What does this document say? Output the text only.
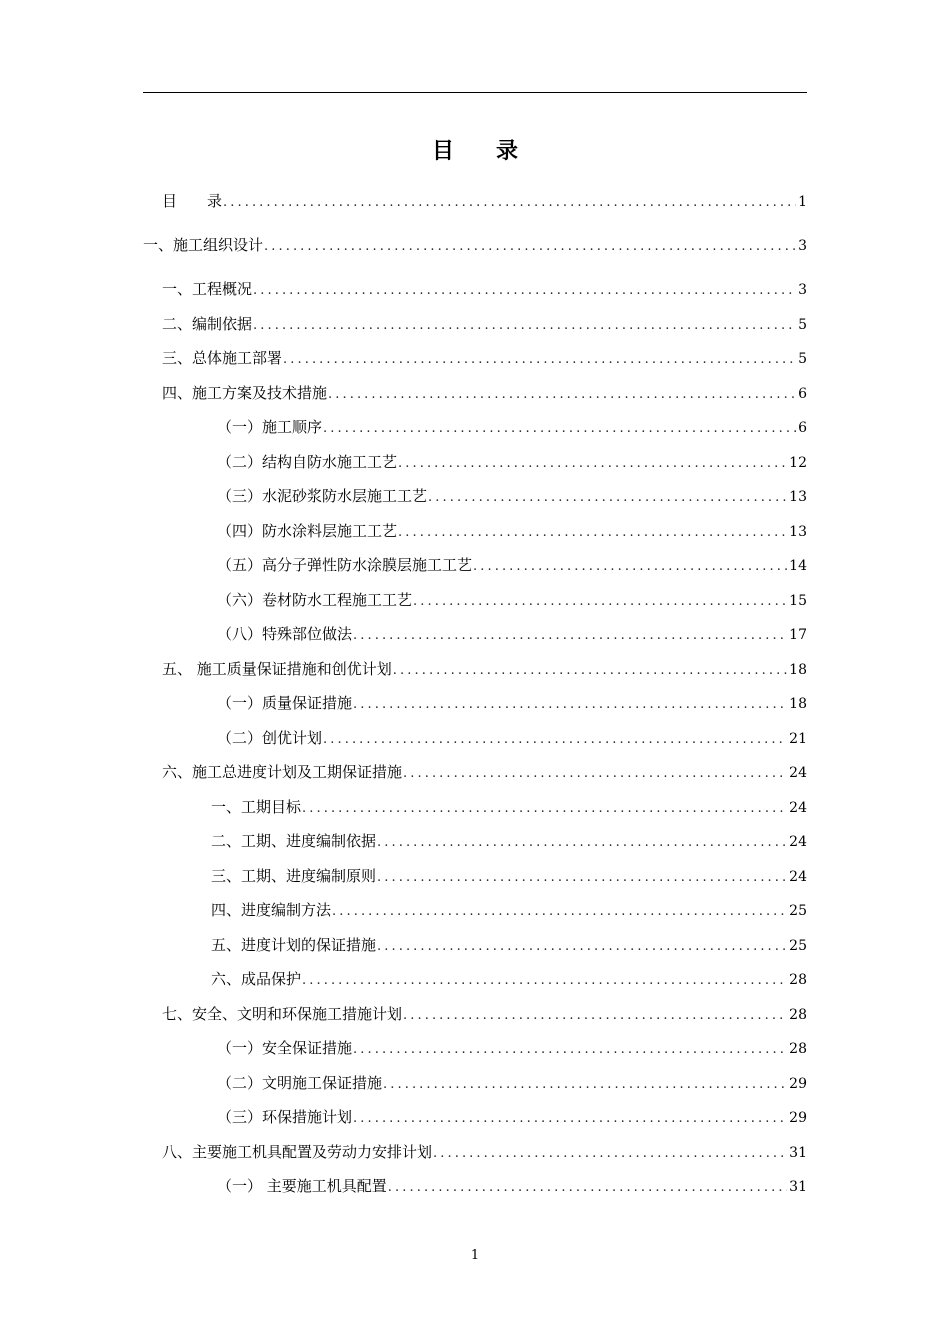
目 录
目　　录 .....	1
一、施工组织设计 .....	3
一、工程概况 .....	3
二、编制依据 .....	5
三、总体施工部署 .....	5
四、施工方案及技术措施 .....	6
（一）施工顺序 .....	6
（二）结构自防水施工工艺 .....	12
（三）水泥砂浆防水层施工工艺 .....	13
（四）防水涂料层施工工艺 .....	13
（五）高分子弹性防水涂膜层施工工艺 .....	14
（六）卷材防水工程施工工艺 .....	15
（八）特殊部位做法 .....	17
五、 施工质量保证措施和创优计划 .....	18
（一）质量保证措施 .....	18
（二）创优计划 .....	21
六、施工总进度计划及工期保证措施 .....	24
一、工期目标 .....	24
二、工期、进度编制依据 .....	24
三、工期、进度编制原则 .....	24
四、进度编制方法 .....	25
五、进度计划的保证措施 .....	25
六、成品保护 .....	28
七、安全、文明和环保施工措施计划 .....	28
（一）安全保证措施 .....	28
（二）文明施工保证措施 .....	29
（三）环保措施计划 .....	29
八、主要施工机具配置及劳动力安排计划 .....	31
（一） 主要施工机具配置 .....	31
1
